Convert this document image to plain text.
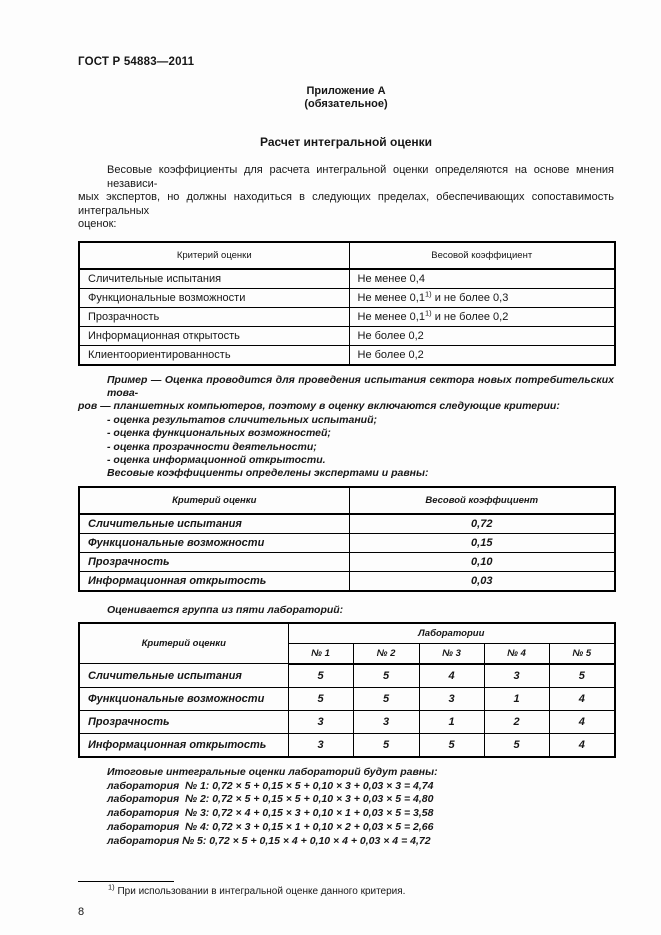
ГОСТ Р 54883—2011
Приложение А
(обязательное)
Расчет интегральной оценки
Весовые коэффициенты для расчета интегральной оценки определяются на основе мнения независи-
мых экспертов, но должны находиться в следующих пределах, обеспечивающих сопоставимость интегральных
оценок:
Критерий оценки	Весовой коэффициент
Сличительные испытания	Не менее 0,4
Функциональные возможности	Не менее 0,1$^{1)}$ и не более 0,3
Прозрачность	Не менее 0,1$^{1)}$ и не более 0,2
Информационная открытость	Не более 0,2
Клиентоориентированность	Не более 0,2
Пример — Оценка проводится для проведения испытания сектора новых потребительских това-
ров — планшетных компьютеров, поэтому в оценку включаются следующие критерии:
- оценка результатов сличительных испытаний;
- оценка функциональных возможностей;
- оценка прозрачности деятельности;
- оценка информационной открытости.
Весовые коэффициенты определены экспертами и равны:
Критерий оценки	Весовой коэффициент
Сличительные испытания	0,72
Функциональные возможности	0,15
Прозрачность	0,10
Информационная открытость	0,03
Оценивается группа из пяти лабораторий:
Критерий оценки	Лаборатории				
	№ 1	№ 2	№ 3	№ 4	№ 5
Сличительные испытания	5	5	4	3	5
Функциональные возможности	5	5	3	1	4
Прозрачность	3	3	1	2	4
Информационная открытость	3	5	5	5	4
Итоговые интегральные оценки лабораторий будут равны:
лаборатория  № 1: 0,72 × 5 + 0,15 × 5 + 0,10 × 3 + 0,03 × 3 = 4,74
лаборатория  № 2: 0,72 × 5 + 0,15 × 5 + 0,10 × 3 + 0,03 × 5 = 4,80
лаборатория  № 3: 0,72 × 4 + 0,15 × 3 + 0,10 × 1 + 0,03 × 5 = 3,58
лаборатория  № 4: 0,72 × 3 + 0,15 × 1 + 0,10 × 2 + 0,03 × 5 = 2,66
лаборатория № 5: 0,72 × 5 + 0,15 × 4 + 0,10 × 4 + 0,03 × 4 = 4,72
$^{1)}$ При использовании в интегральной оценке данного критерия.
8
